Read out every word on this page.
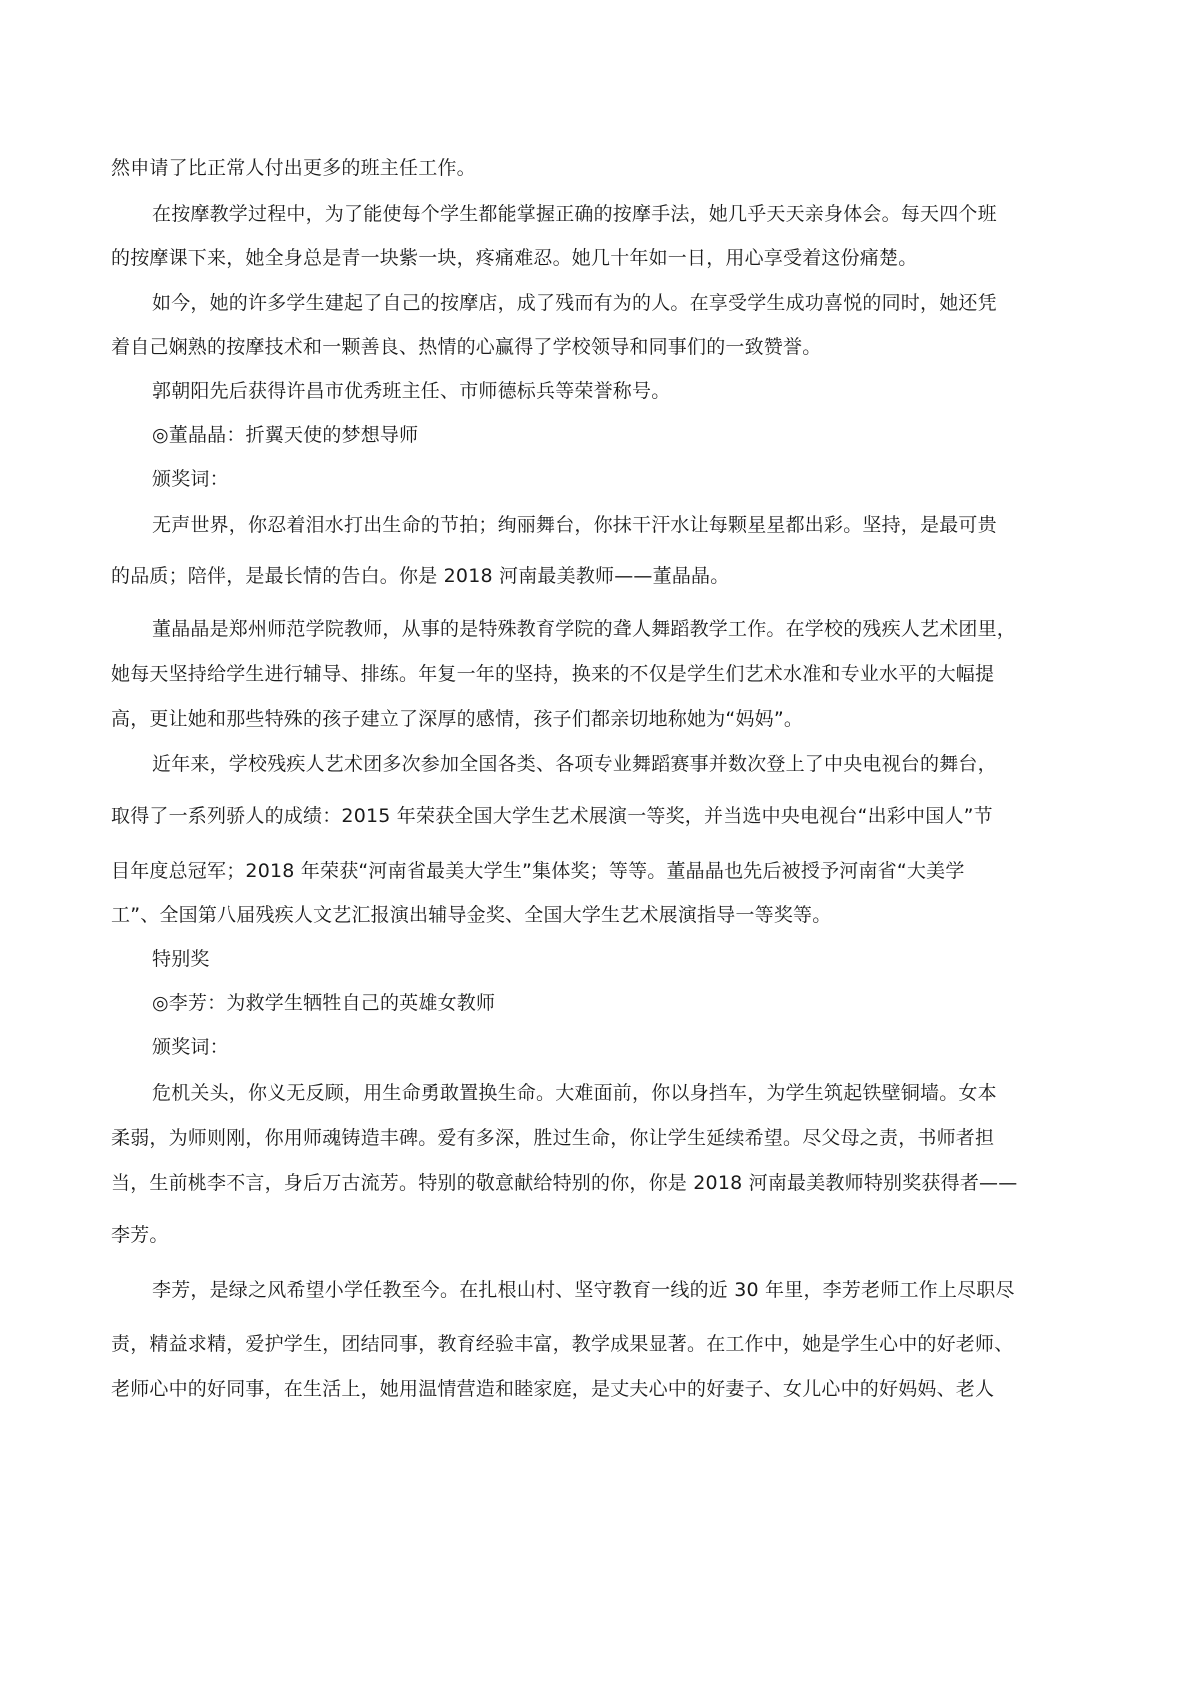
然申请了比正常人付出更多的班主任工作。
在按摩教学过程中，为了能使每个学生都能掌握正确的按摩手法，她几乎天天亲身体会。每天四个班
的按摩课下来，她全身总是青一块紫一块，疼痛难忍。她几十年如一日，用心享受着这份痛楚。
如今，她的许多学生建起了自己的按摩店，成了残而有为的人。在享受学生成功喜悦的同时，她还凭
着自己娴熟的按摩技术和一颗善良、热情的心赢得了学校领导和同事们的一致赞誉。
郭朝阳先后获得许昌市优秀班主任、市师德标兵等荣誉称号。
◎董晶晶：折翼天使的梦想导师
颁奖词：
无声世界，你忍着泪水打出生命的节拍；绚丽舞台，你抹干汗水让每颗星星都出彩。坚持，是最可贵
的品质；陪伴，是最长情的告白。你是 2018 河南最美教师——董晶晶。
董晶晶是郑州师范学院教师，从事的是特殊教育学院的聋人舞蹈教学工作。在学校的残疾人艺术团里，
她每天坚持给学生进行辅导、排练。年复一年的坚持，换来的不仅是学生们艺术水准和专业水平的大幅提
高，更让她和那些特殊的孩子建立了深厚的感情，孩子们都亲切地称她为“妈妈”。
近年来，学校残疾人艺术团多次参加全国各类、各项专业舞蹈赛事并数次登上了中央电视台的舞台，
取得了一系列骄人的成绩：2015 年荣获全国大学生艺术展演一等奖，并当选中央电视台“出彩中国人”节
目年度总冠军；2018 年荣获“河南省最美大学生”集体奖；等等。董晶晶也先后被授予河南省“大美学
工”、全国第八届残疾人文艺汇报演出辅导金奖、全国大学生艺术展演指导一等奖等。
特别奖
◎李芳：为救学生牺牲自己的英雄女教师
颁奖词：
危机关头，你义无反顾，用生命勇敢置换生命。大难面前，你以身挡车，为学生筑起铁壁铜墙。女本
柔弱，为师则刚，你用师魂铸造丰碑。爱有多深，胜过生命，你让学生延续希望。尽父母之责，书师者担
当，生前桃李不言，身后万古流芳。特别的敬意献给特别的你，你是 2018 河南最美教师特别奖获得者——
李芳。
李芳，是绿之风希望小学任教至今。在扎根山村、坚守教育一线的近 30 年里，李芳老师工作上尽职尽
责，精益求精，爱护学生，团结同事，教育经验丰富，教学成果显著。在工作中，她是学生心中的好老师、
老师心中的好同事，在生活上，她用温情营造和睦家庭，是丈夫心中的好妻子、女儿心中的好妈妈、老人
